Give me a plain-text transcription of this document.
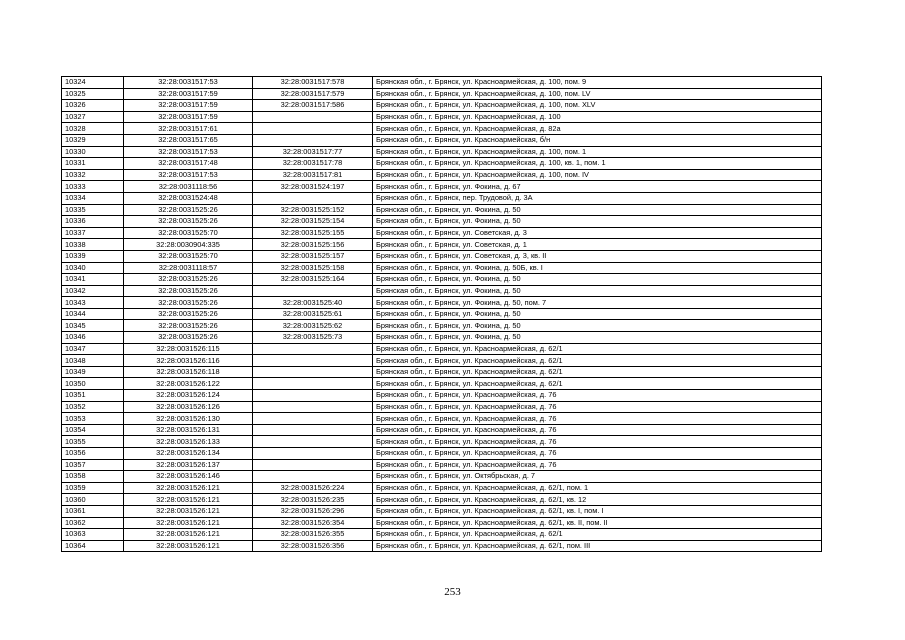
10324	32:28:0031517:53	32:28:0031517:578	Брянская обл., г. Брянск, ул. Красноармейская, д. 100, пом. 9
10325	32:28:0031517:59	32:28:0031517:579	Брянская обл., г. Брянск, ул. Красноармейская, д. 100, пом. LV
10326	32:28:0031517:59	32:28:0031517:586	Брянская обл., г. Брянск, ул. Красноармейская, д. 100, пом. XLV
10327	32:28:0031517:59		Брянская обл., г. Брянск, ул. Красноармейская, д. 100
10328	32:28:0031517:61		Брянская обл., г. Брянск, ул. Красноармейская, д. 82а
10329	32:28:0031517:65		Брянская обл., г. Брянск, ул. Красноармейская, б/н
10330	32:28:0031517:53	32:28:0031517:77	Брянская обл., г. Брянск, ул. Красноармейская, д. 100, пом. 1
10331	32:28:0031517:48	32:28:0031517:78	Брянская обл., г. Брянск, ул. Красноармейская, д. 100, кв. 1, пом. 1
10332	32:28:0031517:53	32:28:0031517:81	Брянская обл., г. Брянск, ул. Красноармейская, д. 100, пом. IV
10333	32:28:0031118:56	32:28:0031524:197	Брянская обл., г. Брянск, ул. Фокина, д. 67
10334	32:28:0031524:48		Брянская обл., г. Брянск, пер. Трудовой, д. 3А
10335	32:28:0031525:26	32:28:0031525:152	Брянская обл., г. Брянск, ул. Фокина, д. 50
10336	32:28:0031525:26	32:28:0031525:154	Брянская обл., г. Брянск, ул. Фокина, д. 50
10337	32:28:0031525:70	32:28:0031525:155	Брянская обл., г. Брянск, ул. Советская, д. 3
10338	32:28:0030904:335	32:28:0031525:156	Брянская обл., г. Брянск, ул. Советская, д. 1
10339	32:28:0031525:70	32:28:0031525:157	Брянская обл., г. Брянск, ул. Советская, д. 3, кв. II
10340	32:28:0031118:57	32:28:0031525:158	Брянская обл., г. Брянск, ул. Фокина, д. 50Б, кв. I
10341	32:28:0031525:26	32:28:0031525:164	Брянская обл., г. Брянск, ул. Фокина, д. 50
10342	32:28:0031525:26		Брянская обл., г. Брянск, ул. Фокина, д. 50
10343	32:28:0031525:26	32:28:0031525:40	Брянская обл., г. Брянск, ул. Фокина, д. 50, пом. 7
10344	32:28:0031525:26	32:28:0031525:61	Брянская обл., г. Брянск, ул. Фокина, д. 50
10345	32:28:0031525:26	32:28:0031525:62	Брянская обл., г. Брянск, ул. Фокина, д. 50
10346	32:28:0031525:26	32:28:0031525:73	Брянская обл., г. Брянск, ул. Фокина, д. 50
10347	32:28:0031526:115		Брянская обл., г. Брянск, ул. Красноармейская, д. 62/1
10348	32:28:0031526:116		Брянская обл., г. Брянск, ул. Красноармейская, д. 62/1
10349	32:28:0031526:118		Брянская обл., г. Брянск, ул. Красноармейская, д. 62/1
10350	32:28:0031526:122		Брянская обл., г. Брянск, ул. Красноармейская, д. 62/1
10351	32:28:0031526:124		Брянская обл., г. Брянск, ул. Красноармейская, д. 76
10352	32:28:0031526:126		Брянская обл., г. Брянск, ул. Красноармейская, д. 76
10353	32:28:0031526:130		Брянская обл., г. Брянск, ул. Красноармейская, д. 76
10354	32:28:0031526:131		Брянская обл., г. Брянск, ул. Красноармейская, д. 76
10355	32:28:0031526:133		Брянская обл., г. Брянск, ул. Красноармейская, д. 76
10356	32:28:0031526:134		Брянская обл., г. Брянск, ул. Красноармейская, д. 76
10357	32:28:0031526:137		Брянская обл., г. Брянск, ул. Красноармейская, д. 76
10358	32:28:0031526:146		Брянская обл., г. Брянск, ул. Октябрьская, д. 7
10359	32:28:0031526:121	32:28:0031526:224	Брянская обл., г. Брянск, ул. Красноармейская, д. 62/1, пом. 1
10360	32:28:0031526:121	32:28:0031526:235	Брянская обл., г. Брянск, ул. Красноармейская, д. 62/1, кв. 12
10361	32:28:0031526:121	32:28:0031526:296	Брянская обл., г. Брянск, ул. Красноармейская, д. 62/1, кв. I, пом. I
10362	32:28:0031526:121	32:28:0031526:354	Брянская обл., г. Брянск, ул. Красноармейская, д. 62/1, кв. II, пом. II
10363	32:28:0031526:121	32:28:0031526:355	Брянская обл., г. Брянск, ул. Красноармейская, д. 62/1
10364	32:28:0031526:121	32:28:0031526:356	Брянская обл., г. Брянск, ул. Красноармейская, д. 62/1, пом. III
253
